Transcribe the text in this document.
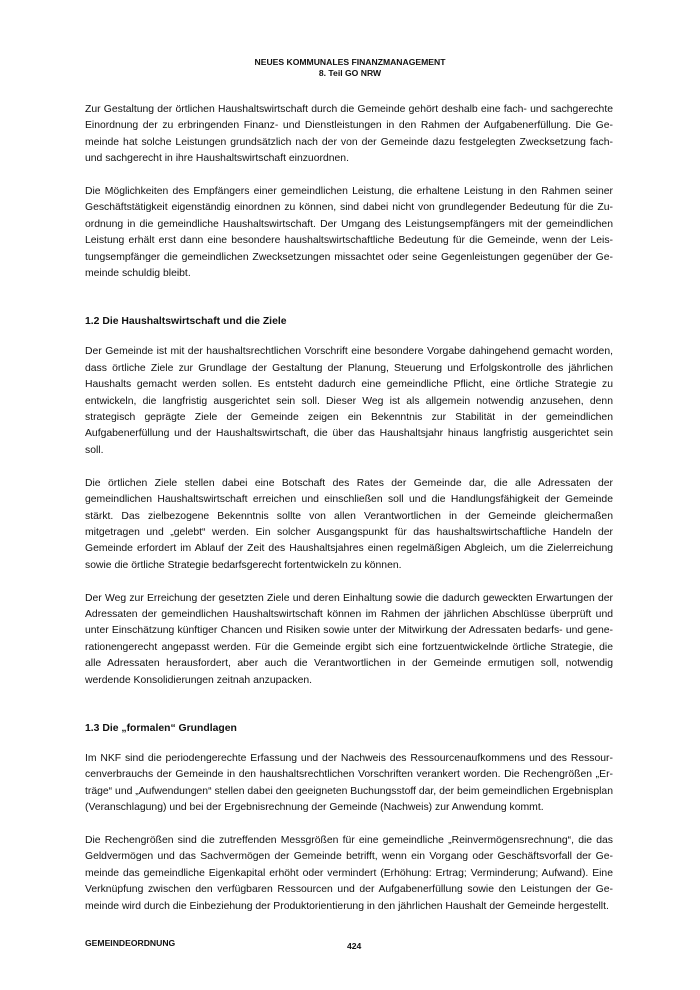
NEUES KOMMUNALES FINANZMANAGEMENT
8. Teil GO NRW

Zur Gestaltung der örtlichen Haushaltswirtschaft durch die Gemeinde gehört deshalb eine fach- und sachgerechte Einordnung der zu erbringenden Finanz- und Dienstleistungen in den Rahmen der Aufgabenerfüllung. Die Gemeinde hat solche Leistungen grundsätzlich nach der von der Gemeinde dazu festgelegten Zwecksetzung fach- und sachgerecht in ihre Haushaltswirtschaft einzuordnen.

Die Möglichkeiten des Empfängers einer gemeindlichen Leistung, die erhaltene Leistung in den Rahmen seiner Geschäftstätigkeit eigenständig einordnen zu können, sind dabei nicht von grundlegender Bedeutung für die Zuordnung in die gemeindliche Haushaltswirtschaft. Der Umgang des Leistungsempfängers mit der gemeindlichen Leistung erhält erst dann eine besondere haushaltswirtschaftliche Bedeutung für die Gemeinde, wenn der Leistungsempfänger die gemeindlichen Zwecksetzungen missachtet oder seine Gegenleistungen gegenüber der Gemeinde schuldig bleibt.

1.2 Die Haushaltswirtschaft und die Ziele

Der Gemeinde ist mit der haushaltsrechtlichen Vorschrift eine besondere Vorgabe dahingehend gemacht worden, dass örtliche Ziele zur Grundlage der Gestaltung der Planung, Steuerung und Erfolgskontrolle des jährlichen Haushalts gemacht werden sollen. Es entsteht dadurch eine gemeindliche Pflicht, eine örtliche Strategie zu entwickeln, die langfristig ausgerichtet sein soll. Dieser Weg ist als allgemein notwendig anzusehen, denn strategisch geprägte Ziele der Gemeinde zeigen ein Bekenntnis zur Stabilität in der gemeindlichen Aufgabenerfüllung und der Haushaltswirtschaft, die über das Haushaltsjahr hinaus langfristig ausgerichtet sein soll.

Die örtlichen Ziele stellen dabei eine Botschaft des Rates der Gemeinde dar, die alle Adressaten der gemeindlichen Haushaltswirtschaft erreichen und einschließen soll und die Handlungsfähigkeit der Gemeinde stärkt. Das zielbezogene Bekenntnis sollte von allen Verantwortlichen in der Gemeinde gleichermaßen mitgetragen und „gelebt“ werden. Ein solcher Ausgangspunkt für das haushaltswirtschaftliche Handeln der Gemeinde erfordert im Ablauf der Zeit des Haushaltsjahres einen regelmäßigen Abgleich, um die Zielerreichung sowie die örtliche Strategie bedarfsgerecht fortentwickeln zu können.

Der Weg zur Erreichung der gesetzten Ziele und deren Einhaltung sowie die dadurch geweckten Erwartungen der Adressaten der gemeindlichen Haushaltswirtschaft können im Rahmen der jährlichen Abschlüsse überprüft und unter Einschätzung künftiger Chancen und Risiken sowie unter der Mitwirkung der Adressaten bedarfs- und generationengerecht angepasst werden. Für die Gemeinde ergibt sich eine fortzuentwickelnde örtliche Strategie, die alle Adressaten herausfordert, aber auch die Verantwortlichen in der Gemeinde ermutigen soll, notwendig werdende Konsolidierungen zeitnah anzupacken.

1.3 Die „formalen“ Grundlagen

Im NKF sind die periodengerechte Erfassung und der Nachweis des Ressourcenaufkommens und des Ressourcenverbrauchs der Gemeinde in den haushaltsrechtlichen Vorschriften verankert worden. Die Rechengrößen „Erträge“ und „Aufwendungen“ stellen dabei den geeigneten Buchungsstoff dar, der beim gemeindlichen Ergebnisplan (Veranschlagung) und bei der Ergebnisrechnung der Gemeinde (Nachweis) zur Anwendung kommt.

Die Rechengrößen sind die zutreffenden Messgrößen für eine gemeindliche „Reinvermögensrechnung“, die das Geldvermögen und das Sachvermögen der Gemeinde betrifft, wenn ein Vorgang oder Geschäftsvorfall der Gemeinde das gemeindliche Eigenkapital erhöht oder vermindert (Erhöhung: Ertrag; Verminderung; Aufwand). Eine Verknüpfung zwischen den verfügbaren Ressourcen und der Aufgabenerfüllung sowie den Leistungen der Gemeinde wird durch die Einbeziehung der Produktorientierung in den jährlichen Haushalt der Gemeinde hergestellt.

GEMEINDEORDNUNG	424
